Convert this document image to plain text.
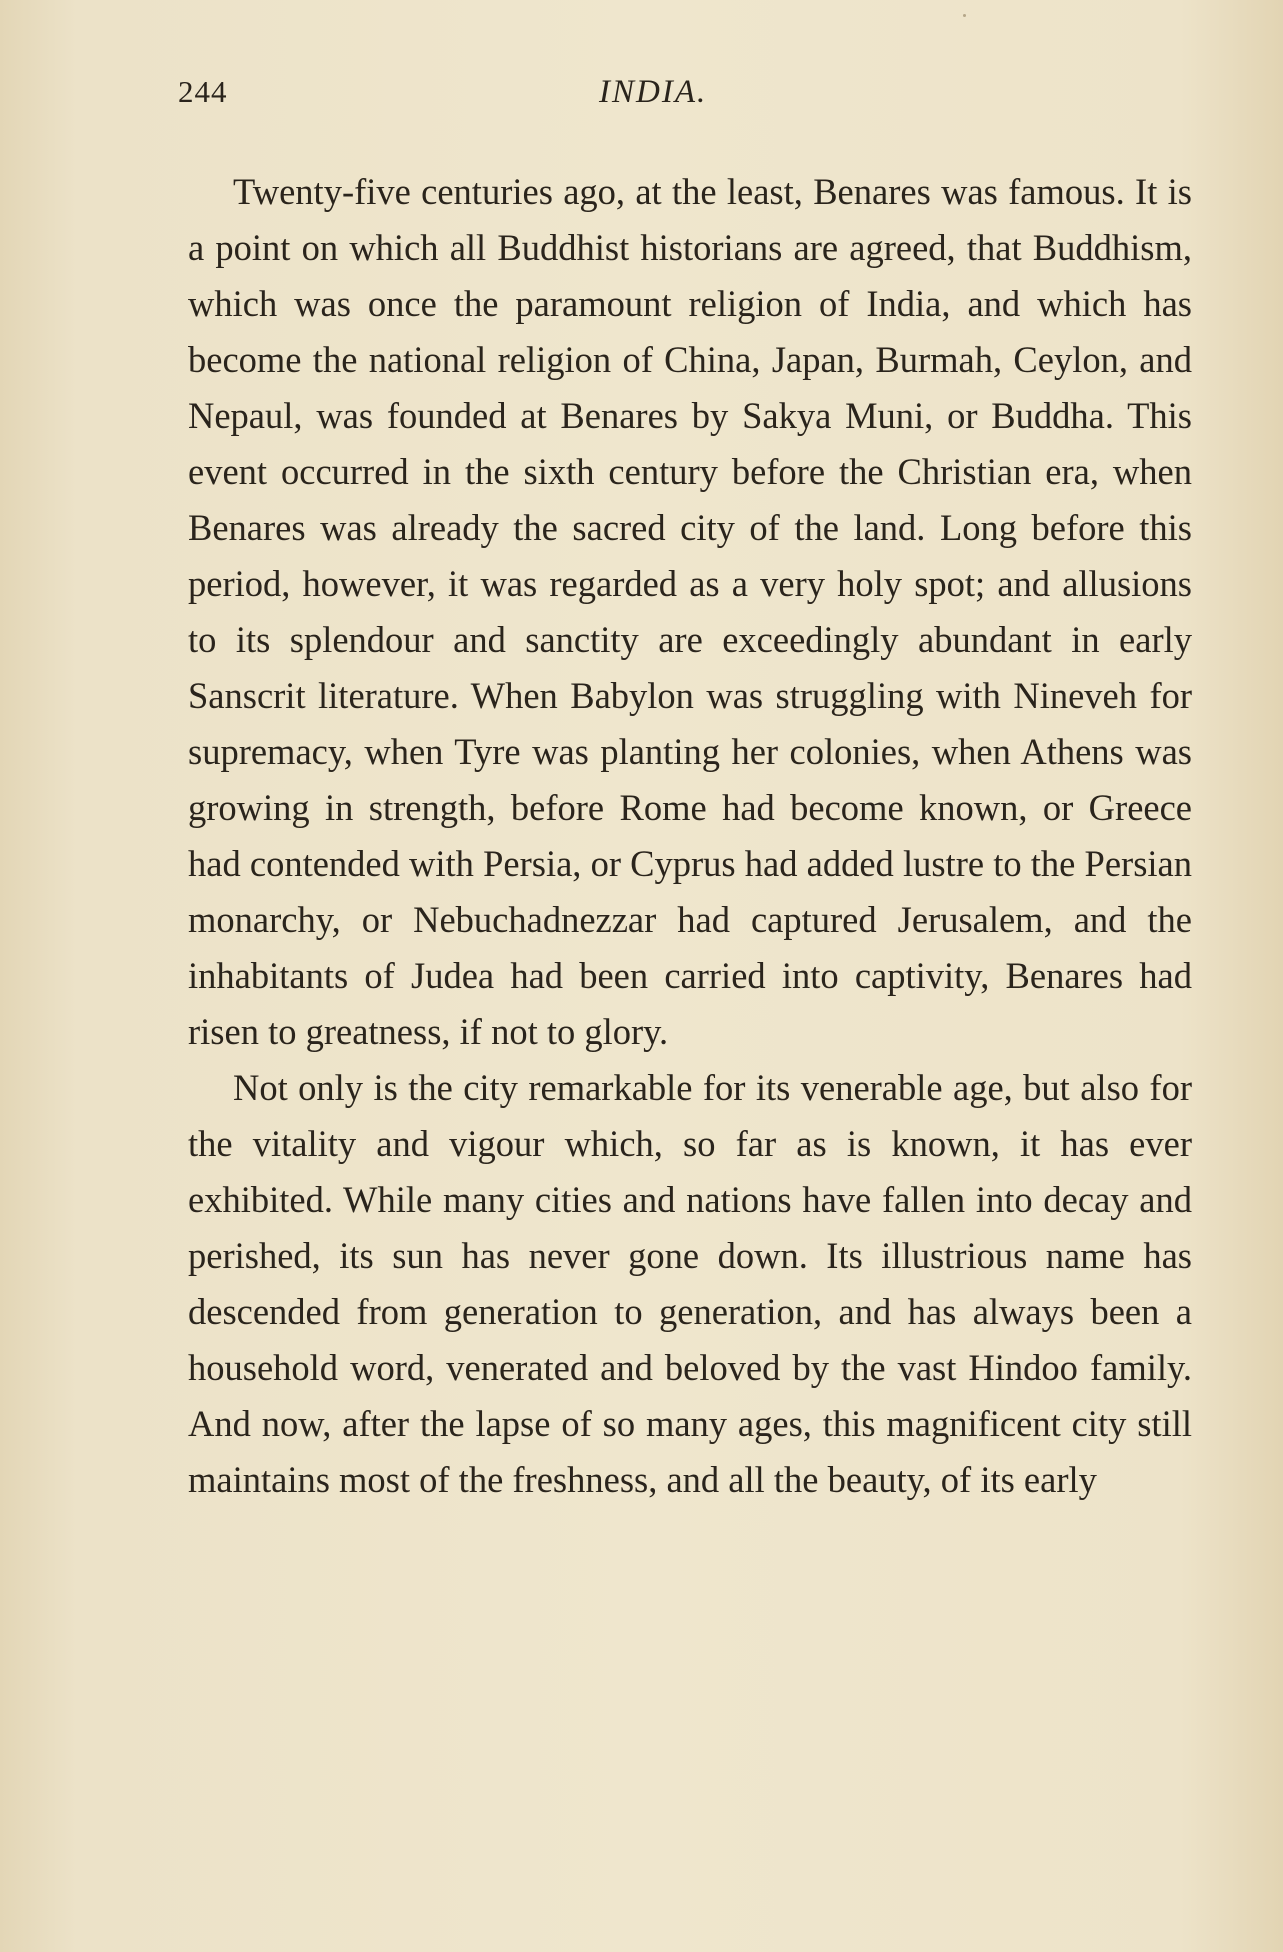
244	INDIA.

Twenty-five centuries ago, at the least, Benares was famous. It is a point on which all Buddhist historians are agreed, that Buddhism, which was once the paramount religion of India, and which has become the national religion of China, Japan, Burmah, Ceylon, and Nepaul, was founded at Benares by Sakya Muni, or Buddha. This event occurred in the sixth century before the Christian era, when Benares was already the sacred city of the land. Long before this period, however, it was regarded as a very holy spot; and allusions to its splendour and sanctity are exceedingly abundant in early Sanscrit literature. When Babylon was struggling with Nineveh for supremacy, when Tyre was planting her colonies, when Athens was growing in strength, before Rome had become known, or Greece had contended with Persia, or Cyprus had added lustre to the Persian monarchy, or Nebuchadnezzar had captured Jerusalem, and the inhabitants of Judea had been carried into captivity, Benares had risen to greatness, if not to glory.

Not only is the city remarkable for its venerable age, but also for the vitality and vigour which, so far as is known, it has ever exhibited. While many cities and nations have fallen into decay and perished, its sun has never gone down. Its illustrious name has descended from generation to generation, and has always been a household word, venerated and beloved by the vast Hindoo family. And now, after the lapse of so many ages, this magnificent city still maintains most of the freshness, and all the beauty, of its early
